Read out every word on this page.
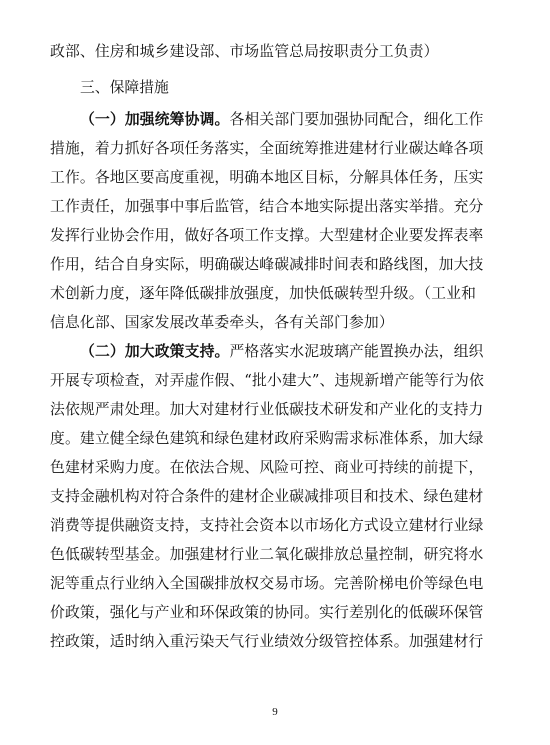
政部、住房和城乡建设部、市场监管总局按职责分工负责）
三、保障措施
（一）加强统筹协调。各相关部门要加强协同配合，细化工作
措施，着力抓好各项任务落实，全面统筹推进建材行业碳达峰各项
工作。各地区要高度重视，明确本地区目标，分解具体任务，压实
工作责任，加强事中事后监管，结合本地实际提出落实举措。充分
发挥行业协会作用，做好各项工作支撑。大型建材企业要发挥表率
作用，结合自身实际，明确碳达峰碳减排时间表和路线图，加大技
术创新力度，逐年降低碳排放强度，加快低碳转型升级。（工业和
信息化部、国家发展改革委牵头，各有关部门参加）
（二）加大政策支持。严格落实水泥玻璃产能置换办法，组织
开展专项检查，对弄虚作假、“批小建大”、违规新增产能等行为依
法依规严肃处理。加大对建材行业低碳技术研发和产业化的支持力
度。建立健全绿色建筑和绿色建材政府采购需求标准体系，加大绿
色建材采购力度。在依法合规、风险可控、商业可持续的前提下，
支持金融机构对符合条件的建材企业碳减排项目和技术、绿色建材
消费等提供融资支持，支持社会资本以市场化方式设立建材行业绿
色低碳转型基金。加强建材行业二氧化碳排放总量控制，研究将水
泥等重点行业纳入全国碳排放权交易市场。完善阶梯电价等绿色电
价政策，强化与产业和环保政策的协同。实行差别化的低碳环保管
控政策，适时纳入重污染天气行业绩效分级管控体系。加强建材行
9
